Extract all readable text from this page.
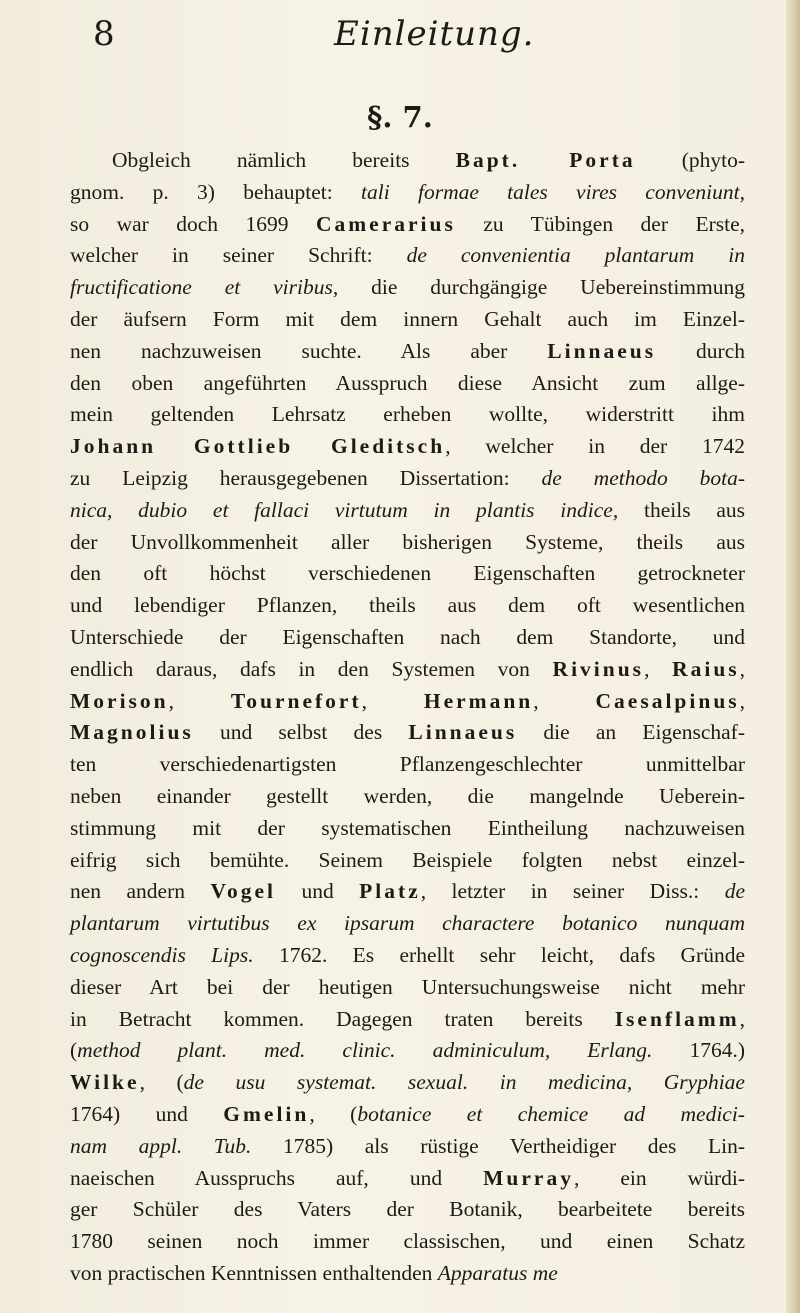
8	Einleitung.
§. 7.
Obgleich nämlich bereits Bapt. Porta (phyto-
gnom. p. 3) behauptet: tali formae tales vires conveniunt,
so war doch 1699 Camerarius zu Tübingen der Erste,
welcher in seiner Schrift: de convenientia plantarum in
fructificatione et viribus, die durchgängige Uebereinstimmung
der äufsern Form mit dem innern Gehalt auch im Einzel-
nen nachzuweisen suchte. Als aber Linnaeus durch
den oben angeführten Ausspruch diese Ansicht zum allge-
mein geltenden Lehrsatz erheben wollte, widerstritt ihm
Johann Gottlieb Gleditsch, welcher in der 1742
zu Leipzig herausgegebenen Dissertation: de methodo bota-
nica, dubio et fallaci virtutum in plantis indice, theils aus
der Unvollkommenheit aller bisherigen Systeme, theils aus
den oft höchst verschiedenen Eigenschaften getrockneter
und lebendiger Pflanzen, theils aus dem oft wesentlichen
Unterschiede der Eigenschaften nach dem Standorte, und
endlich daraus, dafs in den Systemen von Rivinus, Raius,
Morison, Tournefort, Hermann, Caesalpinus,
Magnolius und selbst des Linnaeus die an Eigenschaf-
ten verschiedenartigsten Pflanzengeschlechter unmittelbar
neben einander gestellt werden, die mangelnde Ueberein-
stimmung mit der systematischen Eintheilung nachzuweisen
eifrig sich bemühte. Seinem Beispiele folgten nebst einzel-
nen andern Vogel und Platz, letzter in seiner Diss.: de
plantarum virtutibus ex ipsarum charactere botanico nunquam
cognoscendis Lips. 1762. Es erhellt sehr leicht, dafs Gründe
dieser Art bei der heutigen Untersuchungsweise nicht mehr
in Betracht kommen. Dagegen traten bereits Isenflamm,
(method plant. med. clinic. adminiculum, Erlang. 1764.)
Wilke, (de usu systemat. sexual. in medicina, Gryphiae
1764) und Gmelin, (botanice et chemice ad medici-
nam appl. Tub. 1785) als rüstige Vertheidiger des Lin-
naeischen Ausspruchs auf, und Murray, ein würdi-
ger Schüler des Vaters der Botanik, bearbeitete bereits
1780 seinen noch immer classischen, und einen Schatz
von practischen Kenntnissen enthaltenden Apparatus me
